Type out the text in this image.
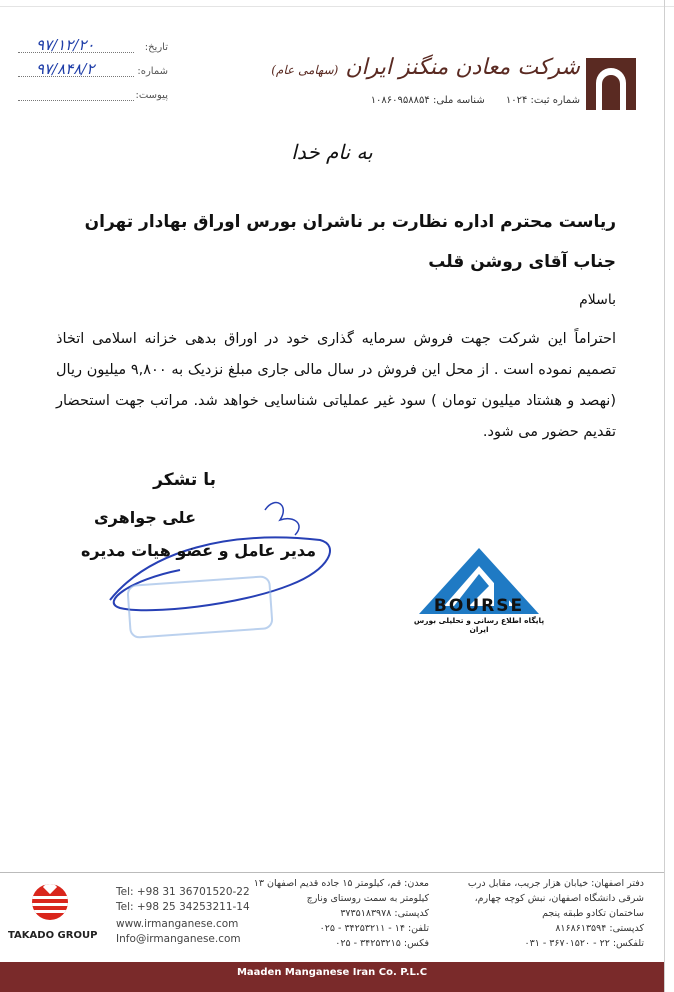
تاریخ:
۹۷/۱۲/۲۰
شماره:
۹۷/۸۴۸/۲
پیوست:
شرکت معادن منگنز ایران (سهامی عام)
شماره ثبت: ۱۰۲۴ شناسه ملی: ۱۰۸۶۰۹۵۸۸۵۴
به نام خدا
ریاست محترم اداره نظارت بر ناشران بورس اوراق بهادار تهران
جناب آقای روشن قلب
باسلام
احتراماً این شرکت جهت فروش سرمایه گذاری خود در اوراق بدهی خزانه اسلامی اتخاذ تصمیم نموده است . از محل این فروش در سال مالی جاری مبلغ نزدیک به ۹,۸۰۰ میلیون ریال (نهصد و هشتاد میلیون تومان ) سود غیر عملیاتی شناسایی خواهد شد. مراتب جهت استحضار تقدیم حضور می شود.
با تشکر
علی جواهری
مدیر عامل و عضو هیات مدیره
BOURSE
پایگاه اطلاع رسانی و تحلیلی بورس ایران
TAKADO GROUP
Tel: +98 31 36701520-22
Tel: +98 25 34253211-14
www.irmanganese.com
Info@irmanganese.com
معدن: قم، کیلومتر ۱۵ جاده قدیم اصفهان ۱۳ کیلومتر به سمت روستای ونارچ
کدپستی: ۳۷۳۵۱۸۳۹۷۸
تلفن: ۱۴ - ۳۴۲۵۳۲۱۱ - ۰۲۵
فکس: ۳۴۲۵۳۲۱۵ - ۰۲۵
دفتر اصفهان: خیابان هزار جریب، مقابل درب شرقی دانشگاه اصفهان، نبش کوچه چهارم، ساختمان تکادو طبقه پنجم
کدپستی: ۸۱۶۸۶۱۳۵۹۴
تلفکس: ۲۲ - ۳۶۷۰۱۵۲۰ - ۰۳۱
Maaden Manganese Iran Co. P.L.C
